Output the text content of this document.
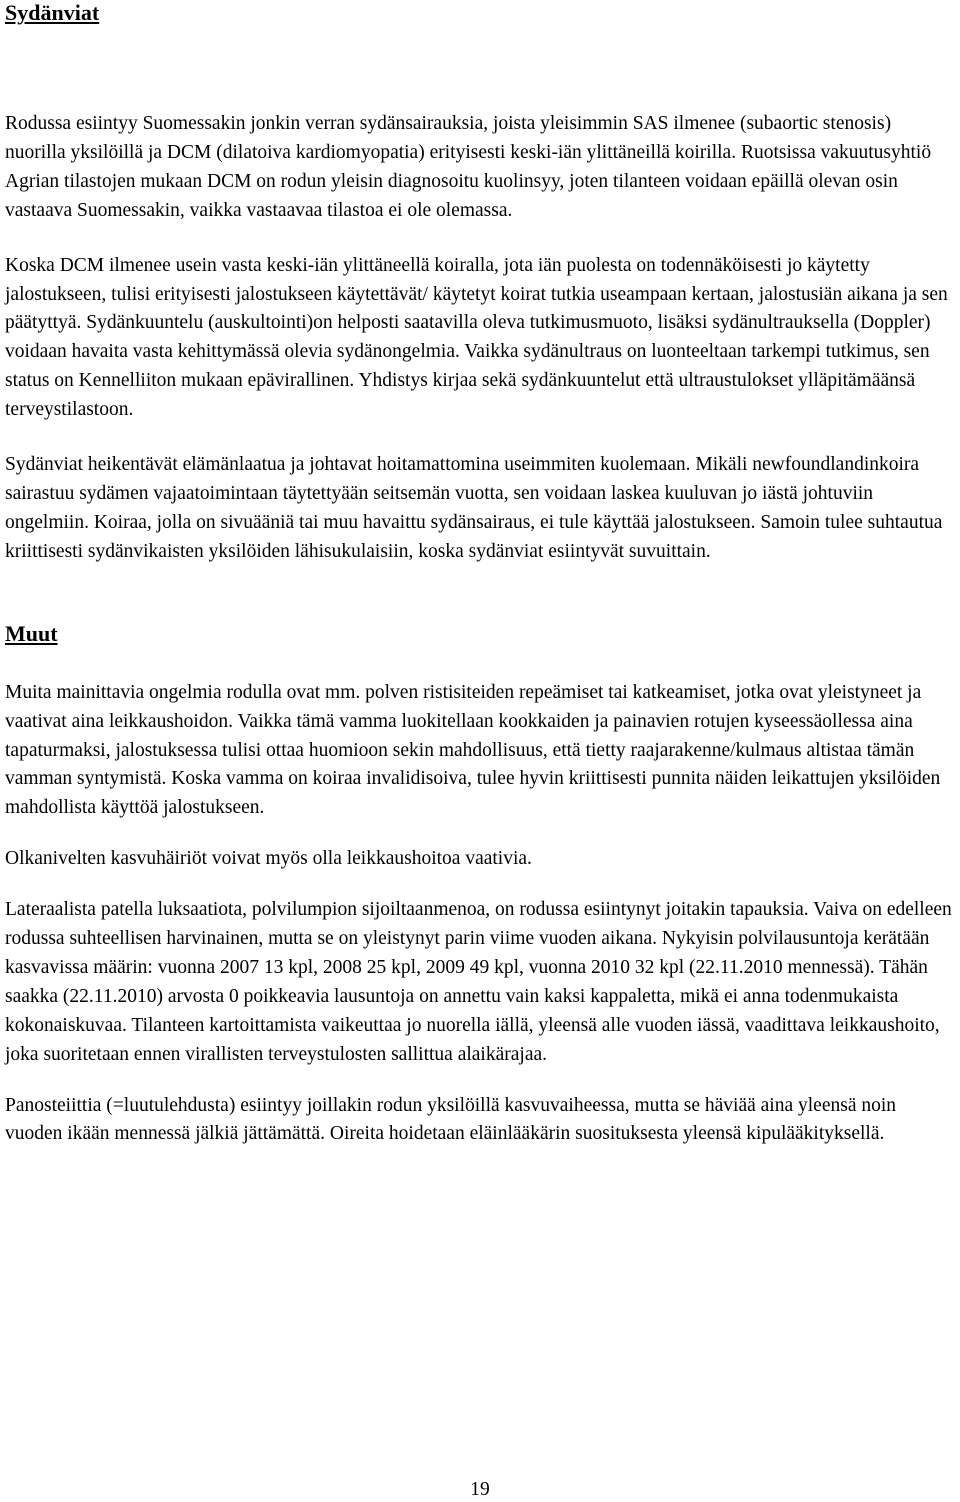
Sydänviat

Rodussa esiintyy Suomessakin jonkin verran sydänsairauksia, joista yleisimmin SAS ilmenee (subaortic stenosis) nuorilla yksilöillä ja DCM (dilatoiva kardiomyopatia) erityisesti keski-iän ylittäneillä koirilla. Ruotsissa vakuutusyhtiö Agrian tilastojen mukaan DCM on rodun yleisin diagnosoitu kuolinsyy, joten tilanteen voidaan epäillä olevan osin vastaava Suomessakin, vaikka vastaavaa tilastoa ei ole olemassa.

Koska DCM ilmenee usein vasta keski-iän ylittäneellä koiralla, jota iän puolesta on todennäköisesti jo käytetty jalostukseen, tulisi erityisesti jalostukseen käytettävät/ käytetyt koirat tutkia useampaan kertaan, jalostusiän aikana ja sen päätyttyä. Sydänkuuntelu (auskultointi)on helposti saatavilla oleva tutkimusmuoto, lisäksi sydänultrauksella (Doppler) voidaan havaita vasta kehittymässä olevia sydänongelmia. Vaikka sydänultraus on luonteeltaan tarkempi tutkimus, sen status on Kennelliiton mukaan epävirallinen. Yhdistys kirjaa sekä sydänkuuntelut että ultraustulokset ylläpitämäänsä terveystilastoon.

Sydänviat heikentävät elämänlaatua ja johtavat hoitamattomina useimmiten kuolemaan. Mikäli newfoundlandinkoira sairastuu sydämen vajaatoimintaan täytettyään seitsemän vuotta, sen voidaan laskea kuuluvan jo iästä johtuviin ongelmiin. Koiraa, jolla on sivuääniä tai muu havaittu sydänsairaus, ei tule käyttää jalostukseen. Samoin tulee suhtautua kriittisesti sydänvikaisten yksilöiden lähisukulaisiin, koska sydänviat esiintyvät suvuittain.

Muut

Muita mainittavia ongelmia rodulla ovat mm. polven ristisiteiden repeämiset tai katkeamiset, jotka ovat yleistyneet ja vaativat aina leikkaushoidon. Vaikka tämä vamma luokitellaan kookkaiden ja painavien rotujen kyseessäollessa aina tapaturmaksi, jalostuksessa tulisi ottaa huomioon sekin mahdollisuus, että tietty raajarakenne/kulmaus altistaa tämän vamman syntymistä. Koska vamma on koiraa invalidisoiva, tulee hyvin kriittisesti punnita näiden leikattujen yksilöiden mahdollista käyttöä jalostukseen.

Olkanivelten kasvuhäiriöt voivat myös olla leikkaushoitoa vaativia.

Lateraalista patella luksaatiota, polvilumpion sijoiltaanmenoa, on rodussa esiintynyt joitakin tapauksia. Vaiva on edelleen rodussa suhteellisen harvinainen, mutta se on yleistynyt parin viime vuoden aikana. Nykyisin polvilausuntoja kerätään kasvavissa määrin: vuonna 2007 13 kpl, 2008 25 kpl, 2009 49 kpl, vuonna 2010 32 kpl (22.11.2010 mennessä). Tähän saakka (22.11.2010) arvosta 0 poikkeavia lausuntoja on annettu vain kaksi kappaletta, mikä ei anna todenmukaista kokonaiskuvaa. Tilanteen kartoittamista vaikeuttaa jo nuorella iällä, yleensä alle vuoden iässä, vaadittava leikkaushoito, joka suoritetaan ennen virallisten terveystulosten sallittua alaikärajaa.

Panosteiittia (=luutulehdusta) esiintyy joillakin rodun yksilöillä kasvuvaiheessa, mutta se häviää aina yleensä noin vuoden ikään mennessä jälkiä jättämättä. Oireita hoidetaan eläinlääkärin suosituksesta yleensä kipulääkityksellä.

19
